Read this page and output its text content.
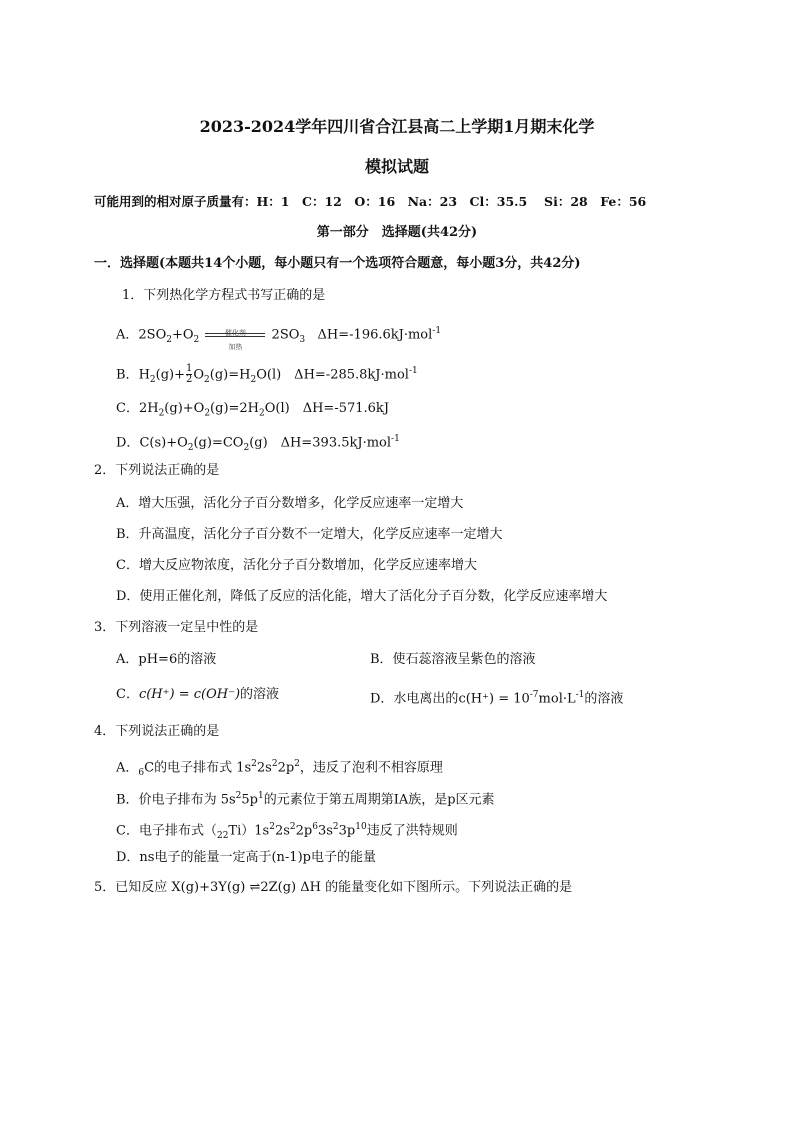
2023-2024学年四川省合江县高二上学期1月期末化学
模拟试题
可能用到的相对原子质量有：H：1　C：12　O：16　Na：23　Cl：35.5　 Si：28　Fe：56
第一部分　选择题(共42分)
一．选择题(本题共14个小题，每小题只有一个选项符合题意，每小题3分，共42分)
1．下列热化学方程式书写正确的是
A．$2SO_2+O_2$
催化剂
加热
$2SO_3$ ΔH=-196.6kJ·mol$^{-1}$
B．$H_2(g)+ \frac{1}{2} O_2(g)=H_2O(l)$　ΔH=-285.8kJ·mol$^{-1}$
C．$2H_2(g)+O_2(g)=2H_2O(l)$　ΔH=-571.6kJ
D．$C(s)+O_2(g)=CO_2(g)$　ΔH=393.5kJ·mol$^{-1}$
2．下列说法正确的是
A．增大压强，活化分子百分数增多，化学反应速率一定增大
B．升高温度，活化分子百分数不一定增大，化学反应速率一定增大
C．增大反应物浓度，活化分子百分数增加，化学反应速率增大
D．使用正催化剂，降低了反应的活化能，增大了活化分子百分数，化学反应速率增大
3．下列溶液一定呈中性的是
A．pH=6的溶液	B．使石蕊溶液呈紫色的溶液
C．c(H⁺) = c(OH⁻)的溶液	D．水电离出的$c(H^+) = 10^{-7}mol\cdot L^{-1}$的溶液
4．下列说法正确的是
A．$_6$C的电子排布式 $1s^22s^22p^2$，违反了泡利不相容原理
B．价电子排布为 $5s^25p^1$的元素位于第五周期第ⅠA族，是p区元素
C．电子排布式$(_{22}Ti)1s^22s^22p^63s^23p^{10}$违反了洪特规则
D．ns电子的能量一定高于(n-1)p电子的能量
5．已知反应 X(g)+3Y(g) ⇌2Z(g) ΔH 的能量变化如下图所示。下列说法正确的是
